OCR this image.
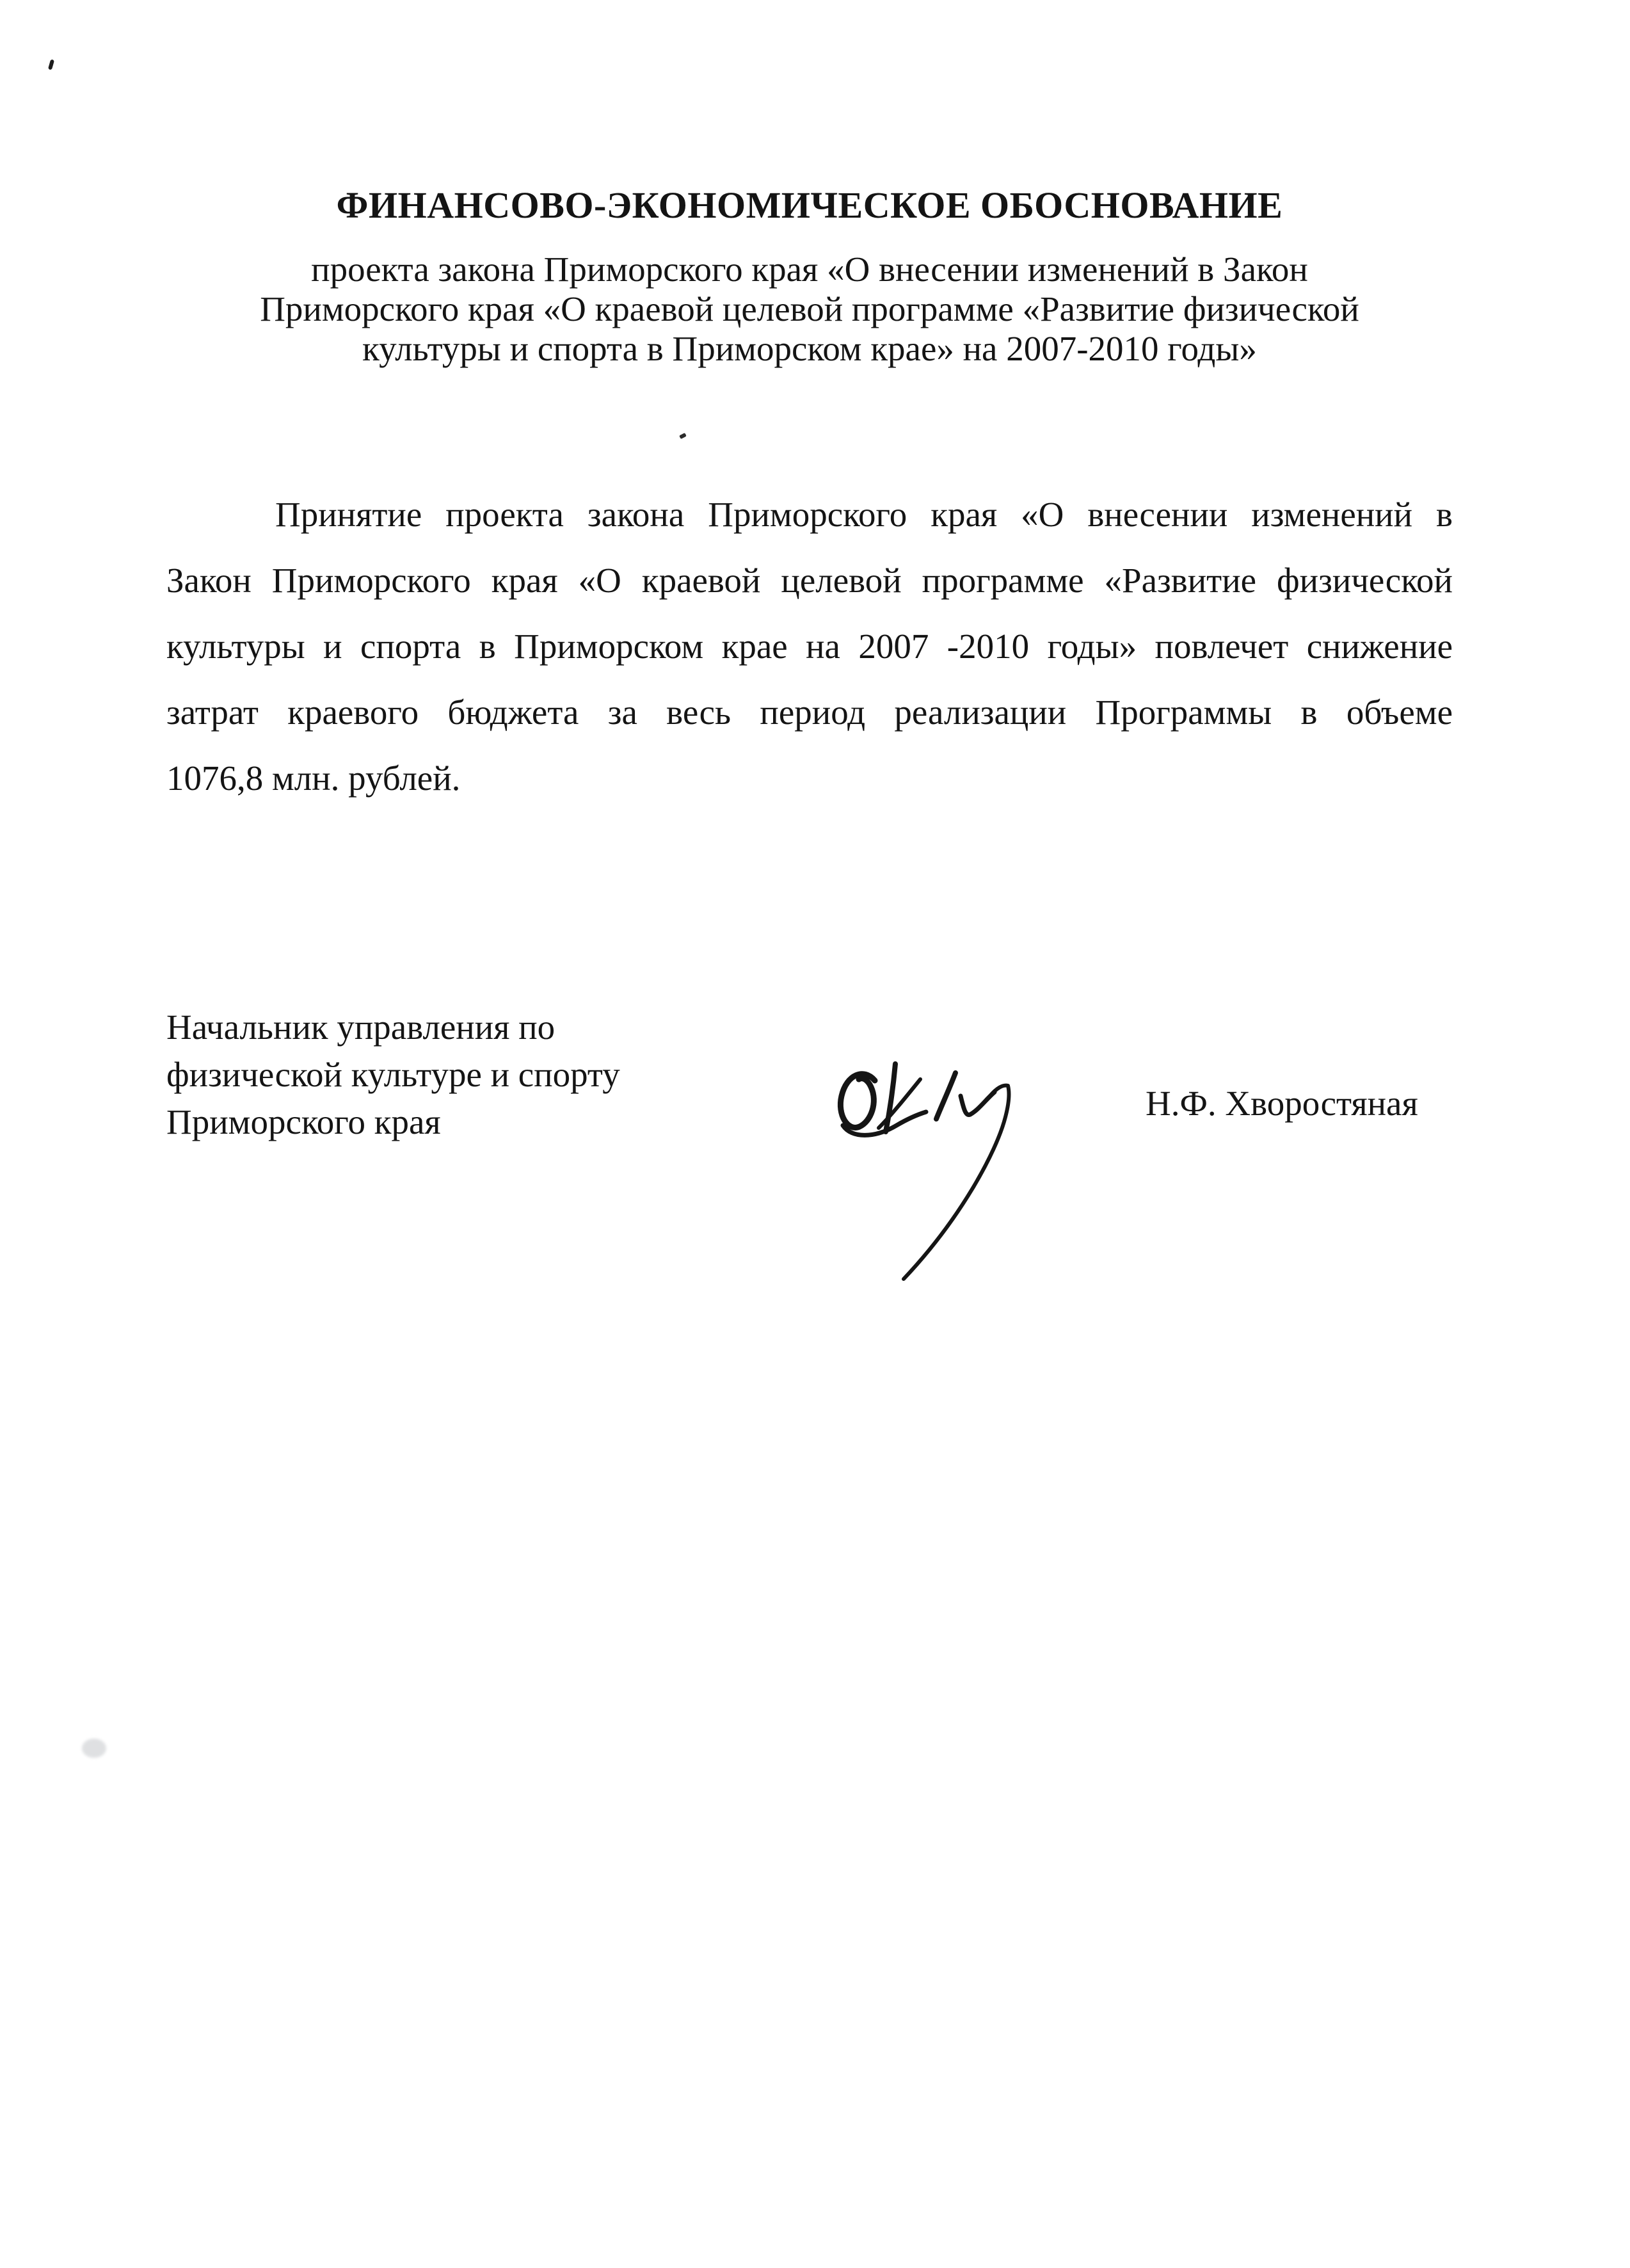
ФИНАНСОВО-ЭКОНОМИЧЕСКОЕ ОБОСНОВАНИЕ
проекта закона Приморского края «О внесении изменений в Закон
Приморского края «О краевой целевой программе «Развитие физической
культуры и спорта в Приморском крае» на 2007-2010 годы»
Принятие проекта закона Приморского края «О внесении изменений в
Закон Приморского края «О краевой целевой программе «Развитие физической
культуры и спорта в Приморском крае на 2007 -2010 годы» повлечет снижение
затрат краевого бюджета за весь период реализации Программы в объеме
1076,8 млн. рублей.
Начальник управления по
физической культуре и спорту
Приморского края	Н.Ф. Хворостяная
